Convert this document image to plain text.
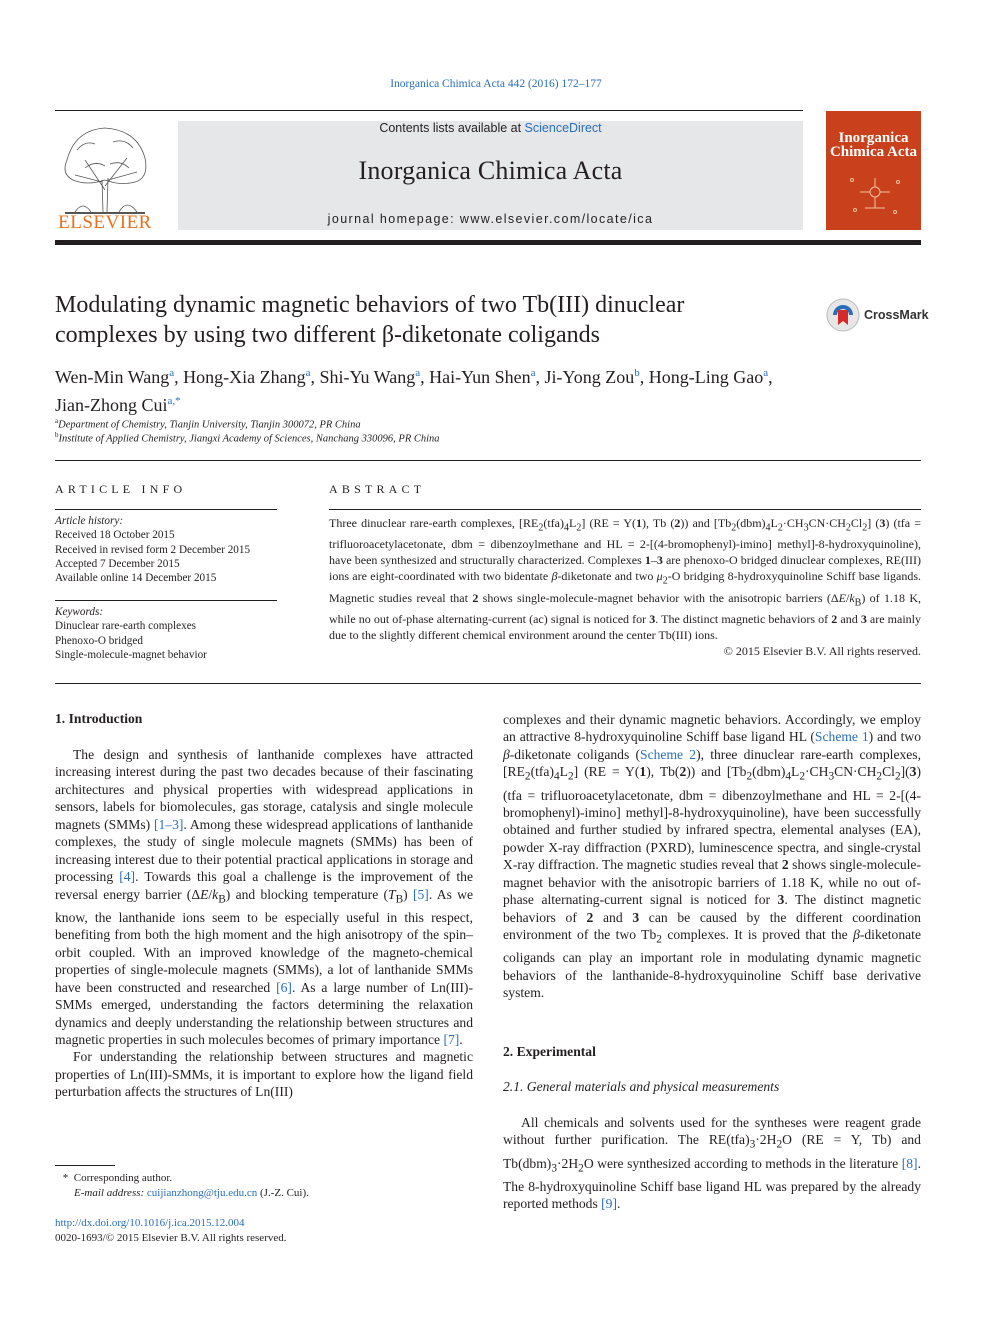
Inorganica Chimica Acta 442 (2016) 172–177
ELSEVIER
Contents lists available at ScienceDirect
Inorganica Chimica Acta
journal homepage: www.elsevier.com/locate/ica
Inorganica
Chimica Acta
Modulating dynamic magnetic behaviors of two Tb(III) dinuclear
complexes by using two different β-diketonate coligands
CrossMark
Wen-Min Wang$^a$, Hong-Xia Zhang$^a$, Shi-Yu Wang$^a$, Hai-Yun Shen$^a$, Ji-Yong Zou$^b$, Hong-Ling Gao$^a$,
Jian-Zhong Cui$^{a,*}$
$^a$Department of Chemistry, Tianjin University, Tianjin 300072, PR China
$^b$Institute of Applied Chemistry, Jiangxi Academy of Sciences, Nanchang 330096, PR China
ARTICLE INFO
Article history:
Received 18 October 2015
Received in revised form 2 December 2015
Accepted 7 December 2015
Available online 14 December 2015
Keywords:
Dinuclear rare-earth complexes
Phenoxo-O bridged
Single-molecule-magnet behavior
ABSTRACT
Three dinuclear rare-earth complexes, $[RE_2(tfa)_4L_2] (RE = Y(1)$, Tb (2)) and $[Tb_2(dbm)_4L_2\cdot CH_3CN\cdot CH_2Cl_2]$ (3) (tfa = trifluoroacetylacetonate, dbm = dibenzoylmethane and HL = 2-[(4-bromophenyl)-imino] methyl]-8-hydroxyquinoline), have been synthesized and structurally characterized. Complexes 1–3 are phenoxo-O bridged dinuclear complexes, RE(III) ions are eight-coordinated with two bidentate β-diketonate and two $\mu_2-O$ bridging 8-hydroxyquinoline Schiff base ligands. Magnetic studies reveal that 2 shows single-molecule-magnet behavior with the anisotropic barriers $(\Delta E/k_B)$ of 1.18 K, while no out of-phase alternating-current (ac) signal is noticed for 3. The distinct magnetic behaviors of 2 and 3 are mainly due to the slightly different chemical environment around the center Tb(III) ions.
© 2015 Elsevier B.V. All rights reserved.
1. Introduction

The design and synthesis of lanthanide complexes have attracted increasing interest during the past two decades because of their fascinating architectures and physical properties with widespread applications in sensors, labels for biomolecules, gas storage, catalysis and single molecule magnets (SMMs) [1–3]. Among these widespread applications of lanthanide complexes, the study of single molecule magnets (SMMs) has been of increasing interest due to their potential practical applications in storage and processing [4]. Towards this goal a challenge is the improvement of the reversal energy barrier $(\Delta E/k_B)$ and blocking temperature $(T_B)$ [5]. As we know, the lanthanide ions seem to be especially useful in this respect, benefiting from both the high moment and the high anisotropy of the spin–orbit coupled. With an improved knowledge of the magneto-chemical properties of single-molecule magnets (SMMs), a lot of lanthanide SMMs have been constructed and researched [6]. As a large number of Ln(III)-SMMs emerged, understanding the factors determining the relaxation dynamics and deeply understanding the relationship between structures and magnetic properties in such molecules becomes of primary importance [7].

For understanding the relationship between structures and magnetic properties of Ln(III)-SMMs, it is important to explore how the ligand field perturbation affects the structures of Ln(III)

*  Corresponding author.
E-mail address: cuijianzhong@tju.edu.cn (J.-Z. Cui).
http://dx.doi.org/10.1016/j.ica.2015.12.004
0020-1693/© 2015 Elsevier B.V. All rights reserved.

complexes and their dynamic magnetic behaviors. Accordingly, we employ an attractive 8-hydroxyquinoline Schiff base ligand HL (Scheme 1) and two β-diketonate coligands (Scheme 2), three dinuclear rare-earth complexes, $[RE_2(tfa)_4L_2] (RE = Y(1)$, Tb(2)) and $[Tb_2(dbm)_4L_2\cdot CH_3CN\cdot CH_2Cl_2](3) (tfa$ = trifluoroacetylacetonate, dbm = dibenzoylmethane and HL = 2-[(4-bromophenyl)-imino] methyl]-8-hydroxyquinoline), have been successfully obtained and further studied by infrared spectra, elemental analyses (EA), powder X-ray diffraction (PXRD), luminescence spectra, and single-crystal X-ray diffraction. The magnetic studies reveal that 2 shows single-molecule-magnet behavior with the anisotropic barriers of 1.18 K, while no out of-phase alternating-current signal is noticed for 3. The distinct magnetic behaviors of 2 and 3 can be caused by the different coordination environment of the two $Tb_2$ complexes. It is proved that the β-diketonate coligands can play an important role in modulating dynamic magnetic behaviors of the lanthanide-8-hydroxyquinoline Schiff base derivative system.

2. Experimental
2.1. General materials and physical measurements

All chemicals and solvents used for the syntheses were reagent grade without further purification. The $RE(tfa)_3\cdot 2H_2O$ (RE = Y, Tb) and $Tb(dbm)_3\cdot 2H_2O$ were synthesized according to methods in the literature [8]. The 8-hydroxyquinoline Schiff base ligand HL was prepared by the already reported methods [9].
